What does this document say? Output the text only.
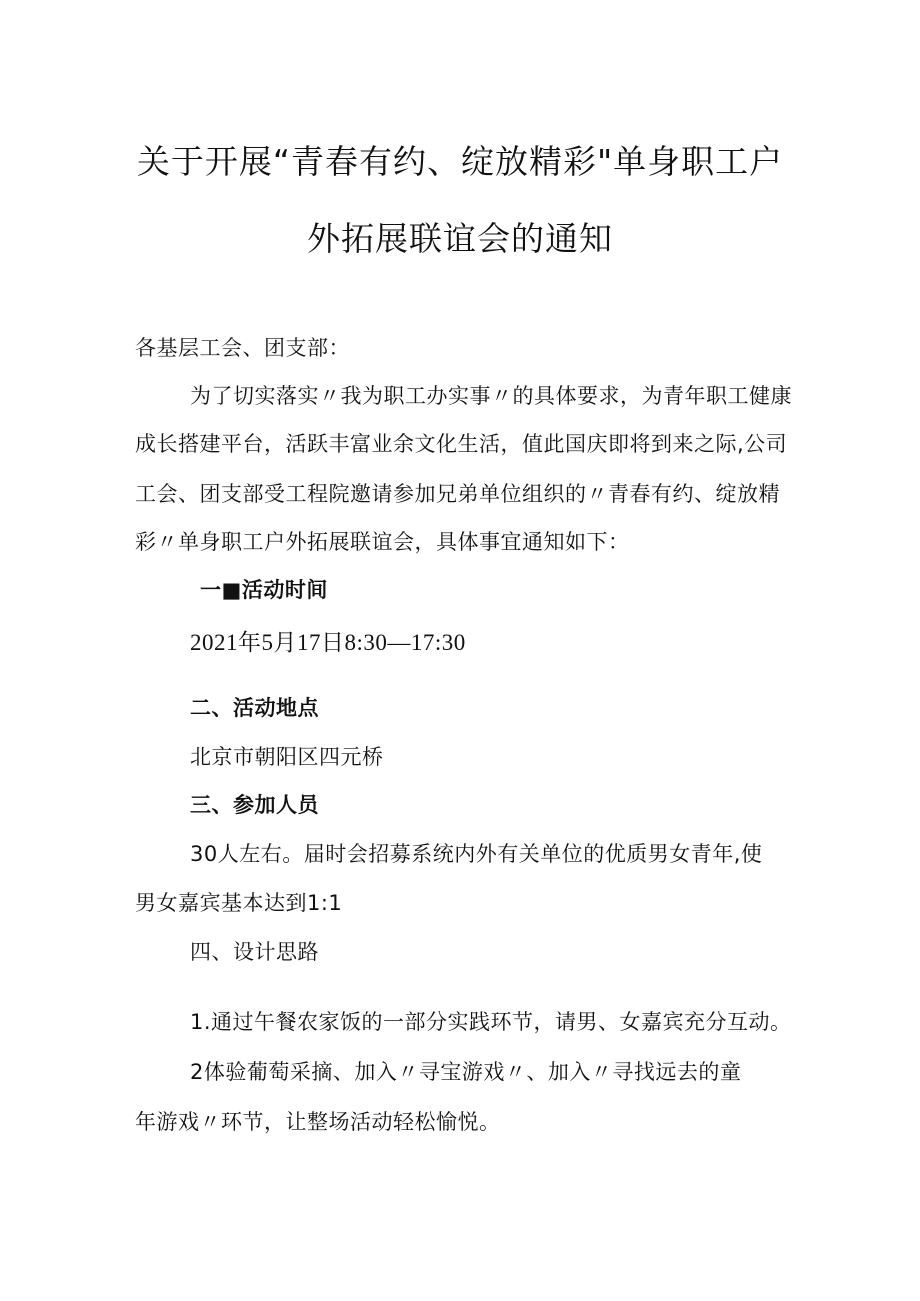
关于开展“青春有约、绽放精彩"单身职工户
外拓展联谊会的通知
各基层工会、团支部：
为了切实落实〃我为职工办实事〃的具体要求，为青年职工健康
成长搭建平台，活跃丰富业余文化生活，值此国庆即将到来之际,公司
工会、团支部受工程院邀请参加兄弟单位组织的〃青春有约、绽放精
彩〃单身职工户外拓展联谊会，具体事宜通知如下：
一■活动时间
2021年5月17日8:30—17:30
二、活动地点
北京市朝阳区四元桥
三、参加人员
30人左右。届时会招募系统内外有关单位的优质男女青年,使
男女嘉宾基本达到1:1
四、设计思路
1.通过午餐农家饭的一部分实践环节，请男、女嘉宾充分互动。
2体验葡萄采摘、加入〃寻宝游戏〃、加入〃寻找远去的童
年游戏〃环节，让整场活动轻松愉悦。
